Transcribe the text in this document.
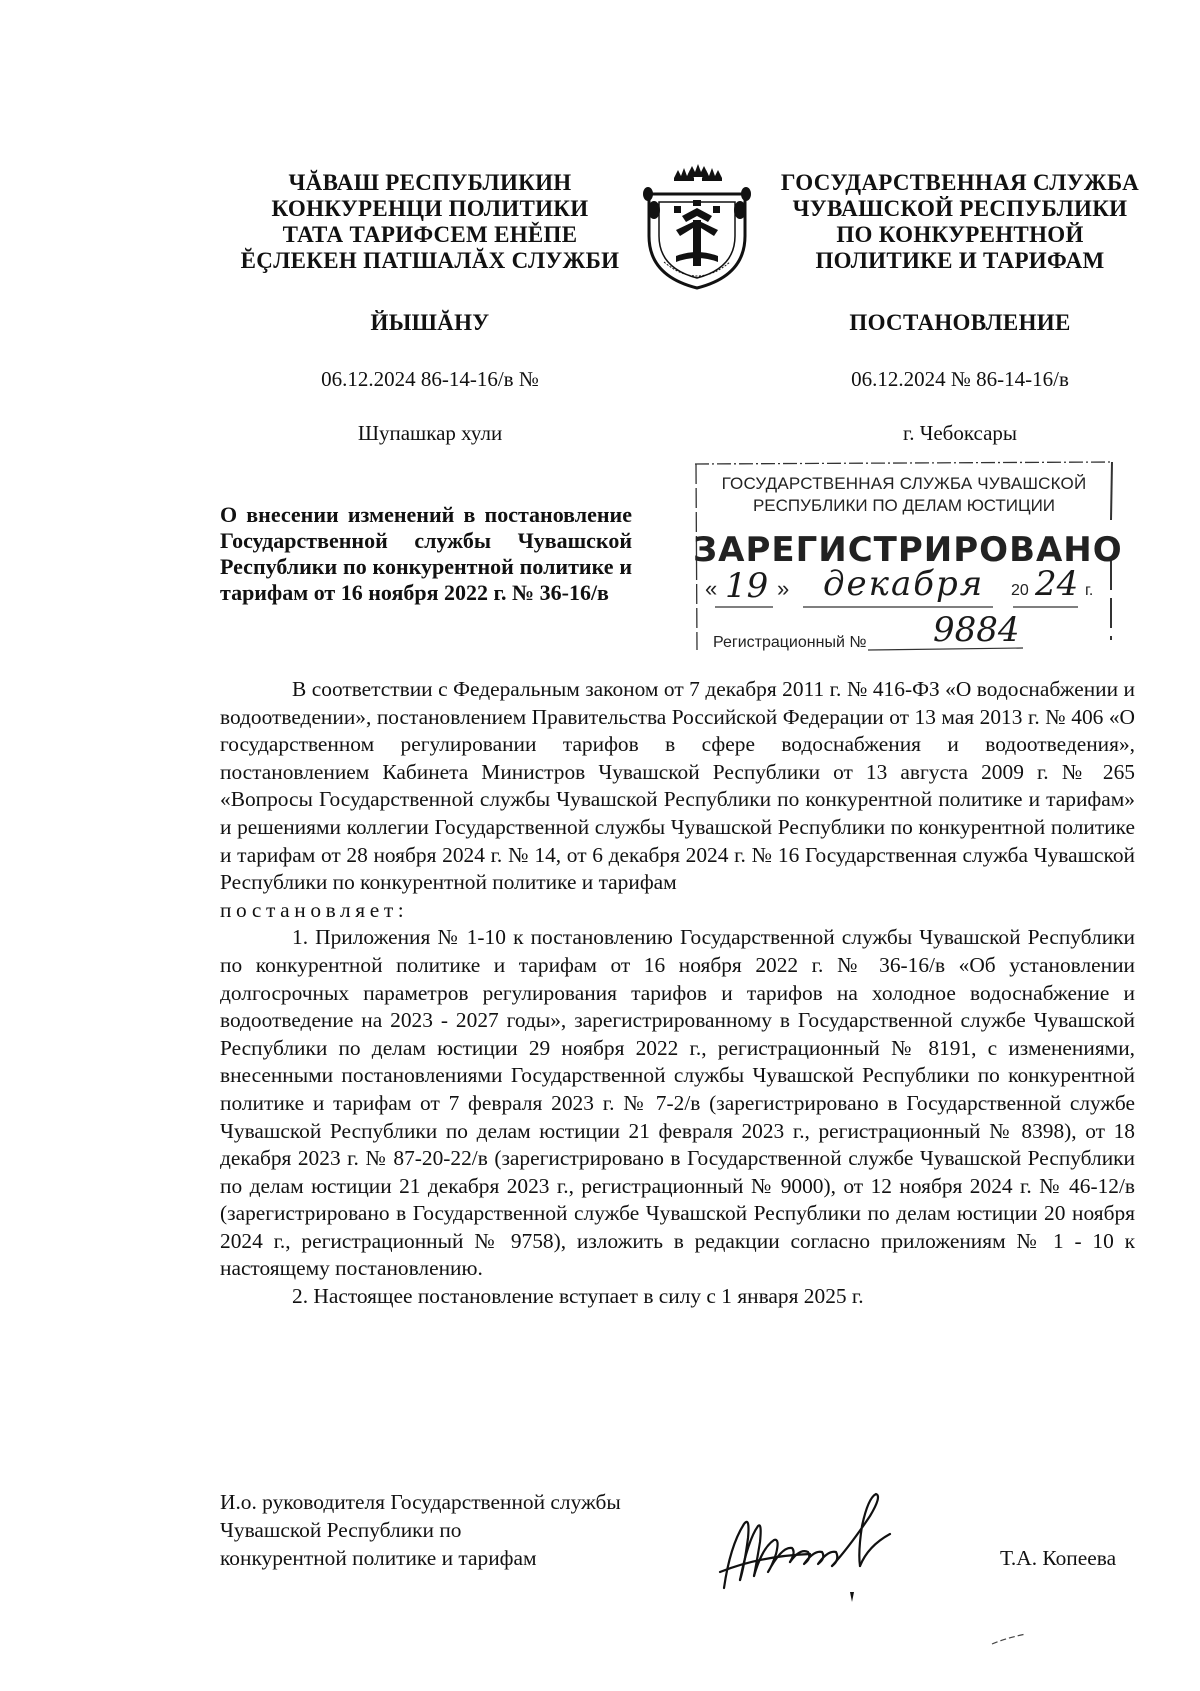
ЧĂВАШ РЕСПУБЛИКИН
КОНКУРЕНЦИ ПОЛИТИКИ
ТАТА ТАРИФСЕМ ЕНĚПЕ
ĔÇЛЕКЕН ПАТШАЛĂХ СЛУЖБИ
ГОСУДАРСТВЕННАЯ СЛУЖБА
ЧУВАШСКОЙ РЕСПУБЛИКИ
ПО КОНКУРЕНТНОЙ
ПОЛИТИКЕ И ТАРИФАМ
ЙЫШĂНУ	ПОСТАНОВЛЕНИЕ
06.12.2024 86-14-16/в №	06.12.2024 № 86-14-16/в
Шупашкар хули	г. Чебоксары
ГОСУДАРСТВЕННАЯ СЛУЖБА ЧУВАШСКОЙ
РЕСПУБЛИКИ ПО ДЕЛАМ ЮСТИЦИИ
ЗАРЕГИСТРИРОВАНО
« 19 » декабря 20 24 г.
Регистрационный № 9884
О внесении изменений в постановление Государственной службы Чувашской Республики по конкурентной политике и тарифам от 16 ноября 2022 г. № 36-16/в

В соответствии с Федеральным законом от 7 декабря 2011 г. № 416-ФЗ «О водоснабжении и водоотведении», постановлением Правительства Российской Федерации от 13 мая 2013 г. № 406 «О государственном регулировании тарифов в сфере водоснабжения и водоотведения», постановлением Кабинета Министров Чувашской Республики от 13 августа 2009 г. № 265 «Вопросы Государственной службы Чувашской Республики по конкурентной политике и тарифам» и решениями коллегии Государственной службы Чувашской Республики по конкурентной политике и тарифам от 28 ноября 2024 г. № 14, от 6 декабря 2024 г. № 16 Государственная служба Чувашской Республики по конкурентной политике и тарифам

постановляет:

1. Приложения № 1-10 к постановлению Государственной службы Чувашской Республики по конкурентной политике и тарифам от 16 ноября 2022 г. № 36-16/в «Об установлении долгосрочных параметров регулирования тарифов и тарифов на холодное водоснабжение и водоотведение на 2023 - 2027 годы», зарегистрированному в Государственной службе Чувашской Республики по делам юстиции 29 ноября 2022 г., регистрационный № 8191, с изменениями, внесенными постановлениями Государственной службы Чувашской Республики по конкурентной политике и тарифам от 7 февраля 2023 г. № 7-2/в (зарегистрировано в Государственной службе Чувашской Республики по делам юстиции 21 февраля 2023 г., регистрационный № 8398), от 18 декабря 2023 г. № 87-20-22/в (зарегистрировано в Государственной службе Чувашской Республики по делам юстиции 21 декабря 2023 г., регистрационный № 9000), от 12 ноября 2024 г. № 46-12/в (зарегистрировано в Государственной службе Чувашской Республики по делам юстиции 20 ноября 2024 г., регистрационный № 9758), изложить в редакции согласно приложениям № 1 - 10 к настоящему постановлению.

2. Настоящее постановление вступает в силу с 1 января 2025 г.

И.о. руководителя Государственной службы
Чувашской Республики по
конкурентной политике и тарифам	Т.А. Копеева
